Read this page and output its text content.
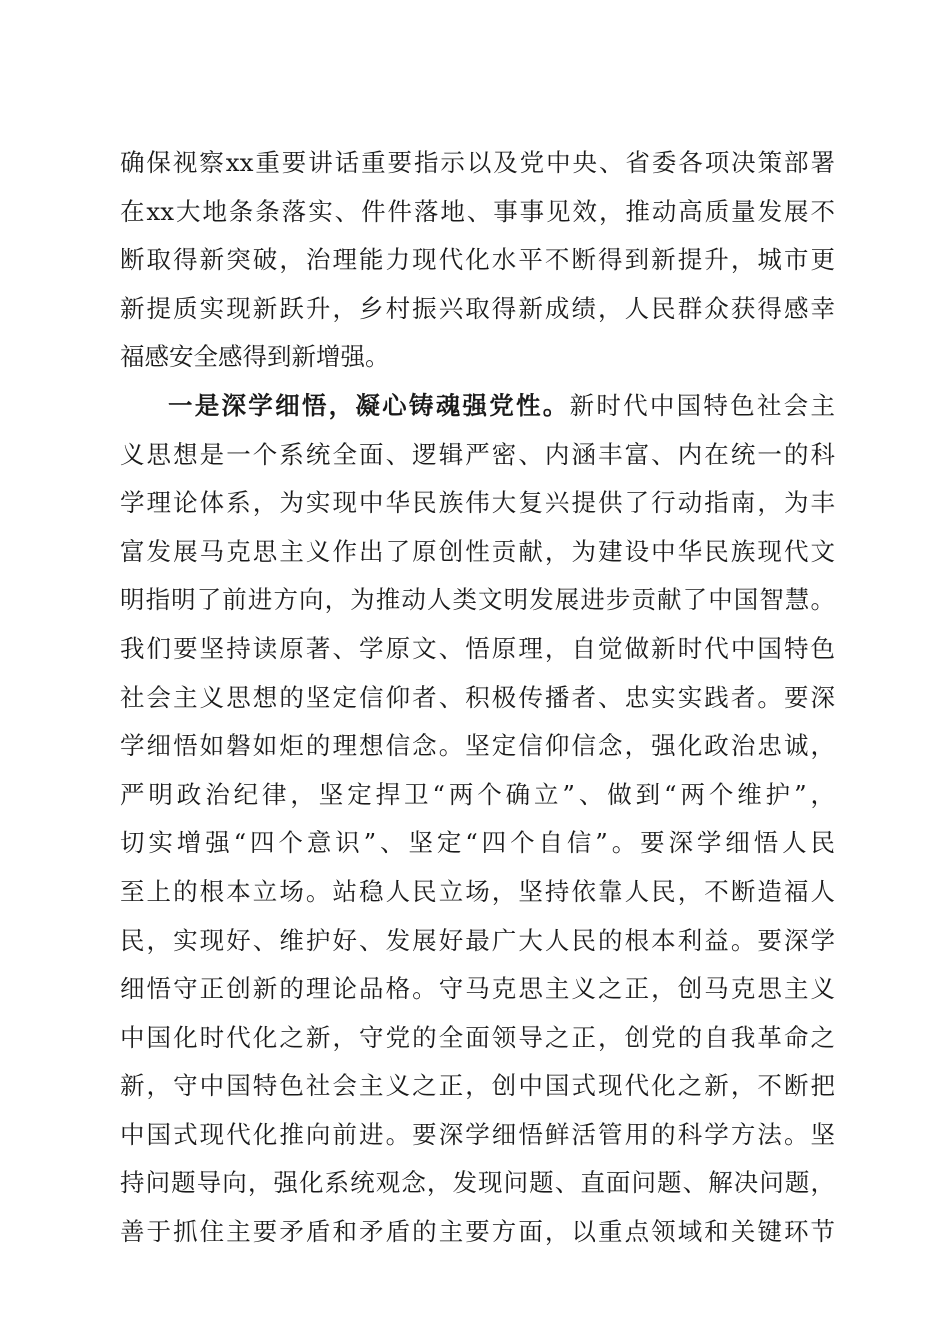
确保视察xx重要讲话重要指示以及党中央、省委各项决策部署
在xx大地条条落实、件件落地、事事见效，推动高质量发展不
断取得新突破，治理能力现代化水平不断得到新提升，城市更
新提质实现新跃升，乡村振兴取得新成绩，人民群众获得感幸
福感安全感得到新增强。
一是深学细悟，凝心铸魂强党性。新时代中国特色社会主
义思想是一个系统全面、逻辑严密、内涵丰富、内在统一的科
学理论体系，为实现中华民族伟大复兴提供了行动指南，为丰
富发展马克思主义作出了原创性贡献，为建设中华民族现代文
明指明了前进方向，为推动人类文明发展进步贡献了中国智慧。
我们要坚持读原著、学原文、悟原理，自觉做新时代中国特色
社会主义思想的坚定信仰者、积极传播者、忠实实践者。要深
学细悟如磐如炬的理想信念。坚定信仰信念，强化政治忠诚，
严明政治纪律，坚定捍卫“两个确立”、做到“两个维护”，
切实增强“四个意识”、坚定“四个自信”。要深学细悟人民
至上的根本立场。站稳人民立场，坚持依靠人民，不断造福人
民，实现好、维护好、发展好最广大人民的根本利益。要深学
细悟守正创新的理论品格。守马克思主义之正，创马克思主义
中国化时代化之新，守党的全面领导之正，创党的自我革命之
新，守中国特色社会主义之正，创中国式现代化之新，不断把
中国式现代化推向前进。要深学细悟鲜活管用的科学方法。坚
持问题导向，强化系统观念，发现问题、直面问题、解决问题，
善于抓住主要矛盾和矛盾的主要方面，以重点领域和关键环节
